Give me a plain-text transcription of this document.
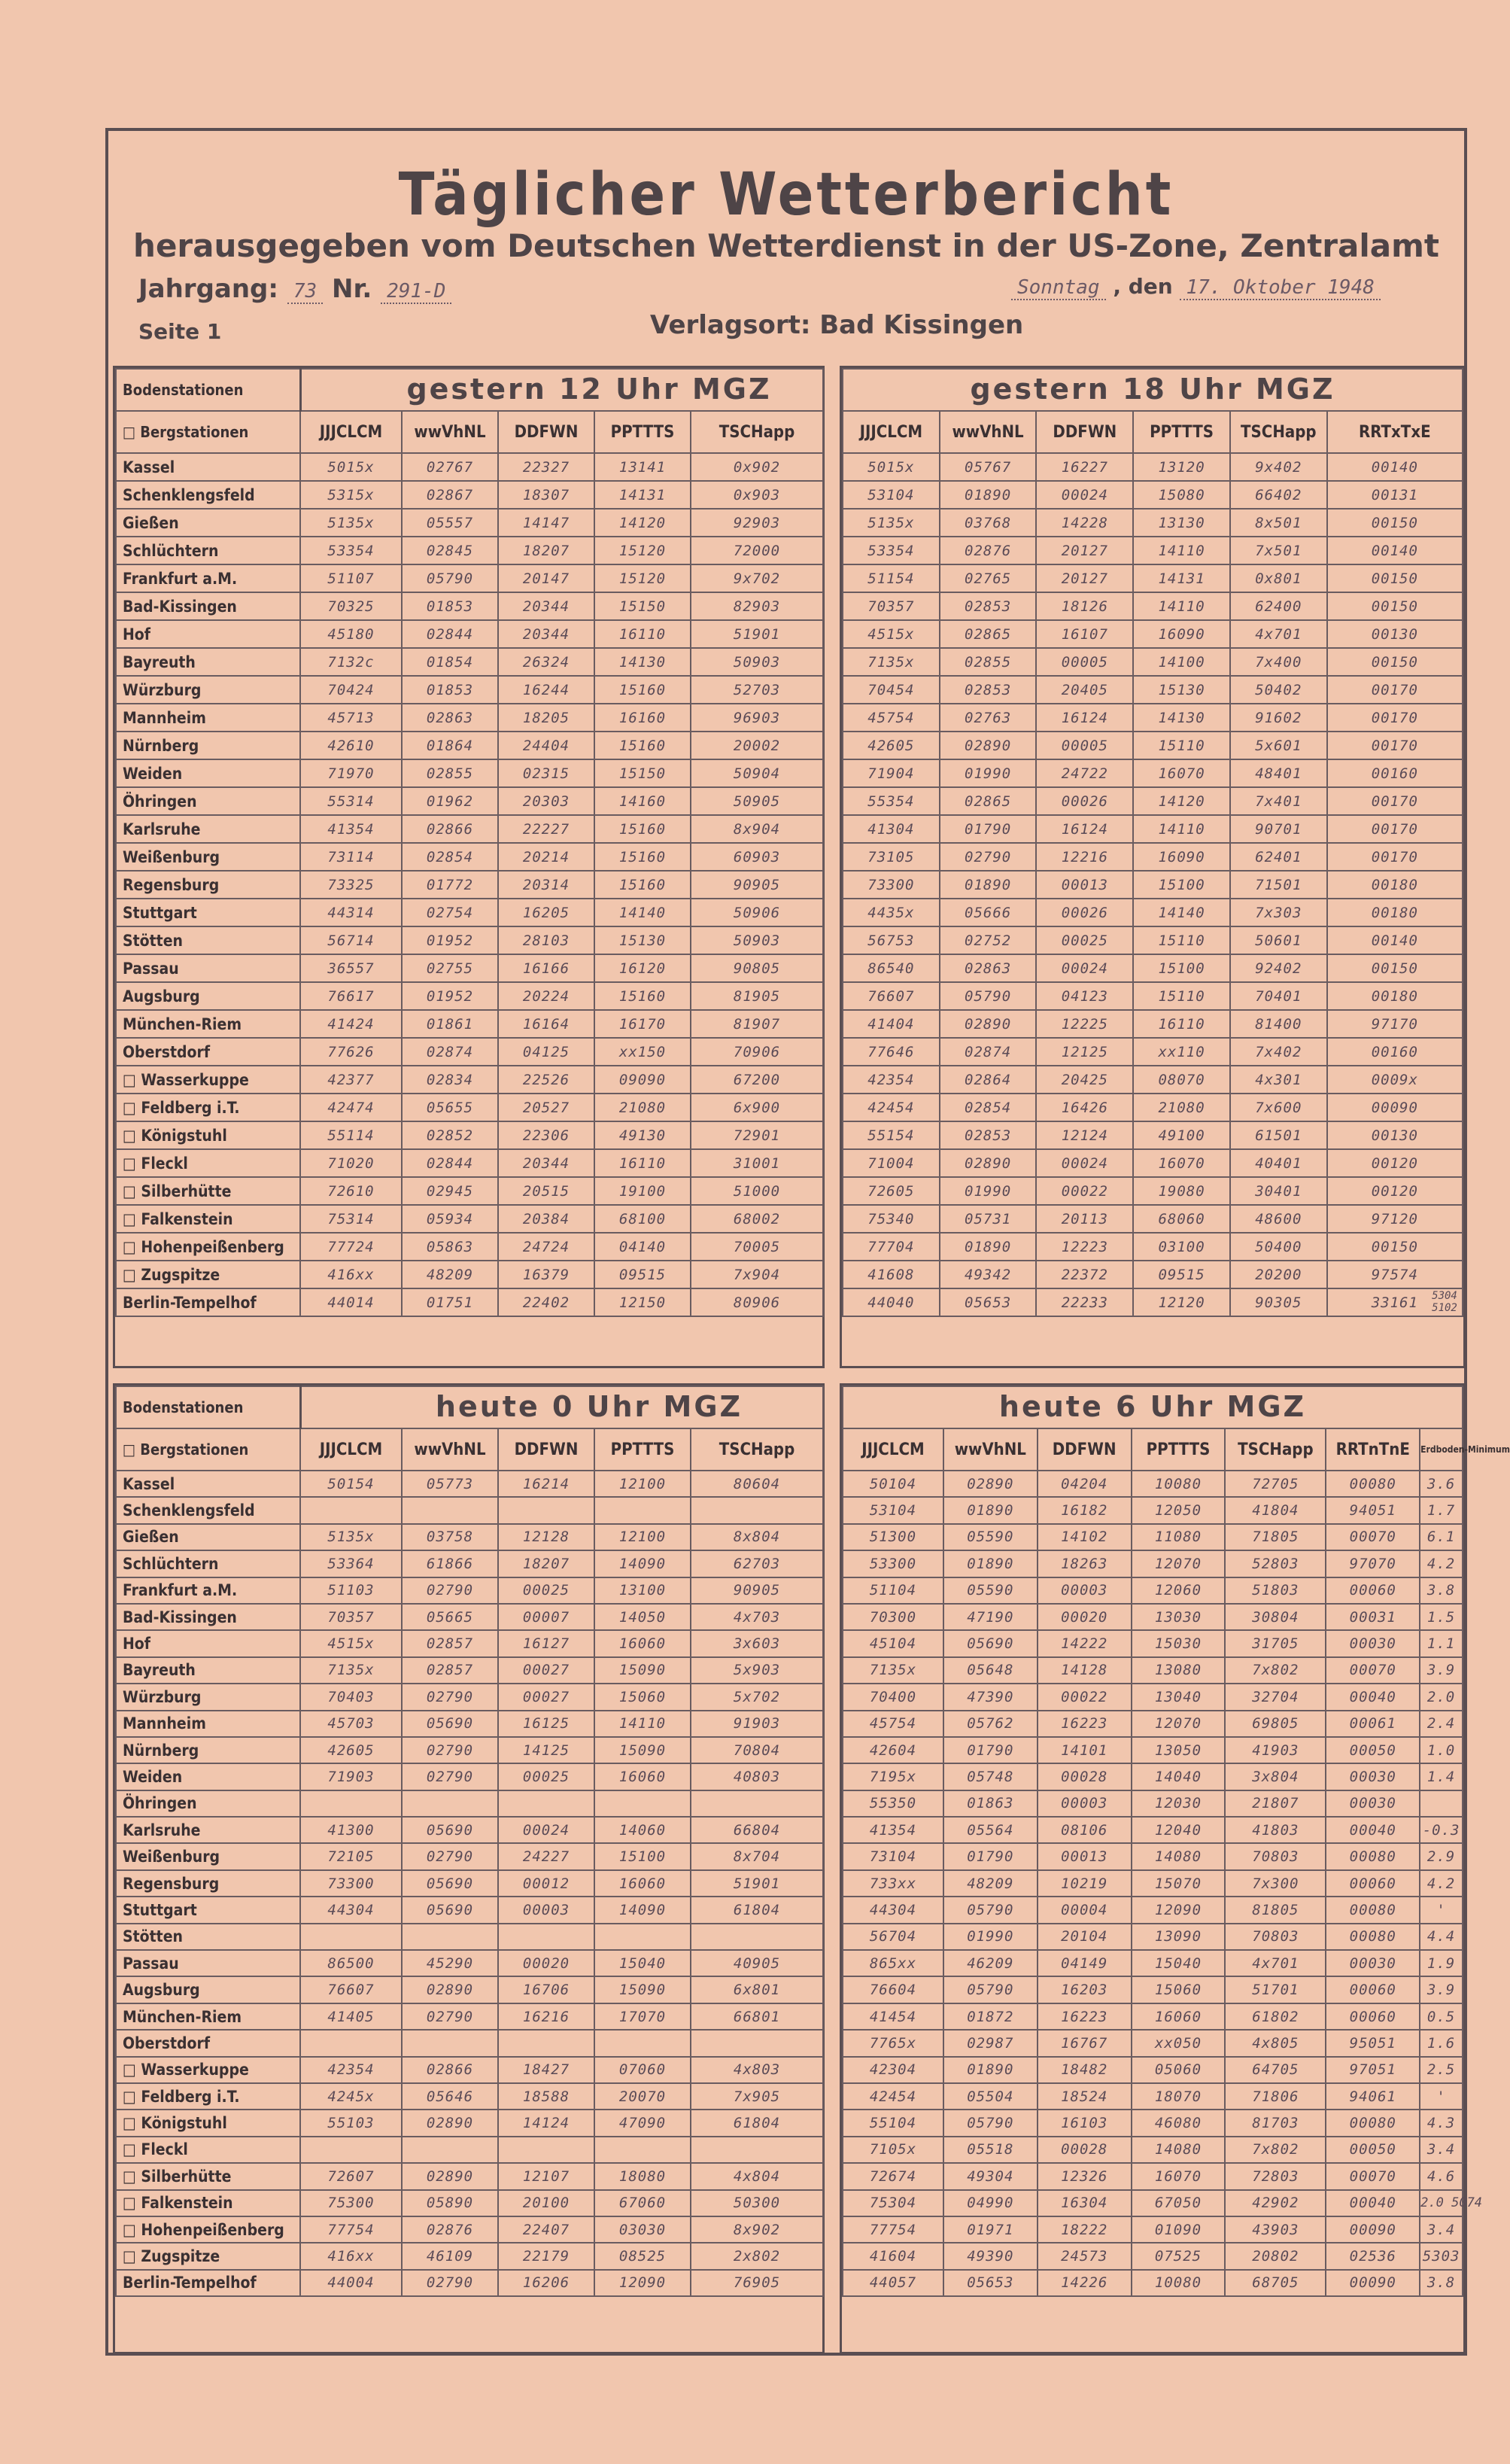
Täglicher Wetterbericht
herausgegeben vom Deutschen Wetterdienst in der US-Zone, Zentralamt
Jahrgang: 73 Nr. 291-D	Sonntag , den 17. Oktober 1948
Seite 1	Verlagsort: Bad Kissingen
gestern 12 Uhr MGZ
Bodenstationen					
□ Bergstationen	JJJCLCM	wwVhNL	DDFWN	PPTTTS	TSCHapp
Kassel	5015x	02767	22327	13141	0x902
Schenklengsfeld	5315x	02867	18307	14131	0x903
Gießen	5135x	05557	14147	14120	92903
Schlüchtern	53354	02845	18207	15120	72000
Frankfurt a.M.	51107	05790	20147	15120	9x702
Bad-Kissingen	70325	01853	20344	15150	82903
Hof	45180	02844	20344	16110	51901
Bayreuth	7132c	01854	26324	14130	50903
Würzburg	70424	01853	16244	15160	52703
Mannheim	45713	02863	18205	16160	96903
Nürnberg	42610	01864	24404	15160	20002
Weiden	71970	02855	02315	15150	50904
Öhringen	55314	01962	20303	14160	50905
Karlsruhe	41354	02866	22227	15160	8x904
Weißenburg	73114	02854	20214	15160	60903
Regensburg	73325	01772	20314	15160	90905
Stuttgart	44314	02754	16205	14140	50906
Stötten	56714	01952	28103	15130	50903
Passau	36557	02755	16166	16120	90805
Augsburg	76617	01952	20224	15160	81905
München-Riem	41424	01861	16164	16170	81907
Oberstdorf	77626	02874	04125	xx150	70906
□ Wasserkuppe	42377	02834	22526	09090	67200
□ Feldberg i.T.	42474	05655	20527	21080	6x900
□ Königstuhl	55114	02852	22306	49130	72901
□ Fleckl	71020	02844	20344	16110	31001
□ Silberhütte	72610	02945	20515	19100	51000
□ Falkenstein	75314	05934	20384	68100	68002
□ Hohenpeißenberg	77724	05863	24724	04140	70005
□ Zugspitze	416xx	48209	16379	09515	7x904
Berlin-Tempelhof	44014	01751	22402	12150	80906
gestern 18 Uhr MGZ

JJJCLCM	wwVhNL	DDFWN	PPTTTS	TSCHapp	RRTxTxE
5015x	05767	16227	13120	9x402	00140
53104	01890	00024	15080	66402	00131
5135x	03768	14228	13130	8x501	00150
53354	02876	20127	14110	7x501	00140
51154	02765	20127	14131	0x801	00150
70357	02853	18126	14110	62400	00150
4515x	02865	16107	16090	4x701	00130
7135x	02855	00005	14100	7x400	00150
70454	02853	20405	15130	50402	00170
45754	02763	16124	14130	91602	00170
42605	02890	00005	15110	5x601	00170
71904	01990	24722	16070	48401	00160
55354	02865	00026	14120	7x401	00170
41304	01790	16124	14110	90701	00170
73105	02790	12216	16090	62401	00170
73300	01890	00013	15100	71501	00180
4435x	05666	00026	14140	7x303	00180
56753	02752	00025	15110	50601	00140
86540	02863	00024	15100	92402	00150
76607	05790	04123	15110	70401	00180
41404	02890	12225	16110	81400	97170
77646	02874	12125	xx110	7x402	00160
42354	02864	20425	08070	4x301	0009x
42454	02854	16426	21080	7x600	00090
55154	02853	12124	49100	61501	00130
71004	02890	00024	16070	40401	00120
72605	01990	00022	19080	30401	00120
75340	05731	20113	68060	48600	97120
77704	01890	12223	03100	50400	00150
41608	49342	22372	09515	20200	97574
44040	05653	22233	12120	90305	33161	5304 5102
heute 0 Uhr MGZ
Bodenstationen					
□ Bergstationen	JJJCLCM	wwVhNL	DDFWN	PPTTTS	TSCHapp
Kassel	50154	05773	16214	12100	80604
Schenklengsfeld					
Gießen	5135x	03758	12128	12100	8x804
Schlüchtern	53364	61866	18207	14090	62703
Frankfurt a.M.	51103	02790	00025	13100	90905
Bad-Kissingen	70357	05665	00007	14050	4x703
Hof	4515x	02857	16127	16060	3x603
Bayreuth	7135x	02857	00027	15090	5x903
Würzburg	70403	02790	00027	15060	5x702
Mannheim	45703	05690	16125	14110	91903
Nürnberg	42605	02790	14125	15090	70804
Weiden	71903	02790	00025	16060	40803
Öhringen					
Karlsruhe	41300	05690	00024	14060	66804
Weißenburg	72105	02790	24227	15100	8x704
Regensburg	73300	05690	00012	16060	51901
Stuttgart	44304	05690	00003	14090	61804
Stötten					
Passau	86500	45290	00020	15040	40905
Augsburg	76607	02890	16706	15090	6x801
München-Riem	41405	02790	16216	17070	66801
Oberstdorf					
□ Wasserkuppe	42354	02866	18427	07060	4x803
□ Feldberg i.T.	4245x	05646	18588	20070	7x905
□ Königstuhl	55103	02890	14124	47090	61804
□ Fleckl					
□ Silberhütte	72607	02890	12107	18080	4x804
□ Falkenstein	75300	05890	20100	67060	50300
□ Hohenpeißenberg	77754	02876	22407	03030	8x902
□ Zugspitze	416xx	46109	22179	08525	2x802
Berlin-Tempelhof	44004	02790	16206	12090	76905
heute 6 Uhr MGZ

JJJCLCM	wwVhNL	DDFWN	PPTTTS	TSCHapp	RRTnTnE	Erdboden-Minimum
50104	02890	04204	10080	72705	00080	3.6
53104	01890	16182	12050	41804	94051	1.7
51300	05590	14102	11080	71805	00070	6.1
53300	01890	18263	12070	52803	97070	4.2
51104	05590	00003	12060	51803	00060	3.8
70300	47190	00020	13030	30804	00031	1.5
45104	05690	14222	15030	31705	00030	1.1
7135x	05648	14128	13080	7x802	00070	3.9
70400	47390	00022	13040	32704	00040	2.0
45754	05762	16223	12070	69805	00061	2.4
42604	01790	14101	13050	41903	00050	1.0
7195x	05748	00028	14040	3x804	00030	1.4
55350	01863	00003	12030	21807	00030	
41354	05564	08106	12040	41803	00040	-0.3
73104	01790	00013	14080	70803	00080	2.9
733xx	48209	10219	15070	7x300	00060	4.2
44304	05790	00004	12090	81805	00080	'
56704	01990	20104	13090	70803	00080	4.4
865xx	46209	04149	15040	4x701	00030	1.9
76604	05790	16203	15060	51701	00060	3.9
41454	01872	16223	16060	61802	00060	0.5
7765x	02987	16767	xx050	4x805	95051	1.6
42304	01890	18482	05060	64705	97051	2.5
42454	05504	18524	18070	71806	94061	'
55104	05790	16103	46080	81703	00080	4.3
7105x	05518	00028	14080	7x802	00050	3.4
72674	49304	12326	16070	72803	00070	4.6
75304	04990	16304	67050	42902	00040	2.0 5074
77754	01971	18222	01090	43903	00090	3.4
41604	49390	24573	07525	20802	02536	5303
44057	05653	14226	10080	68705	00090	3.8
